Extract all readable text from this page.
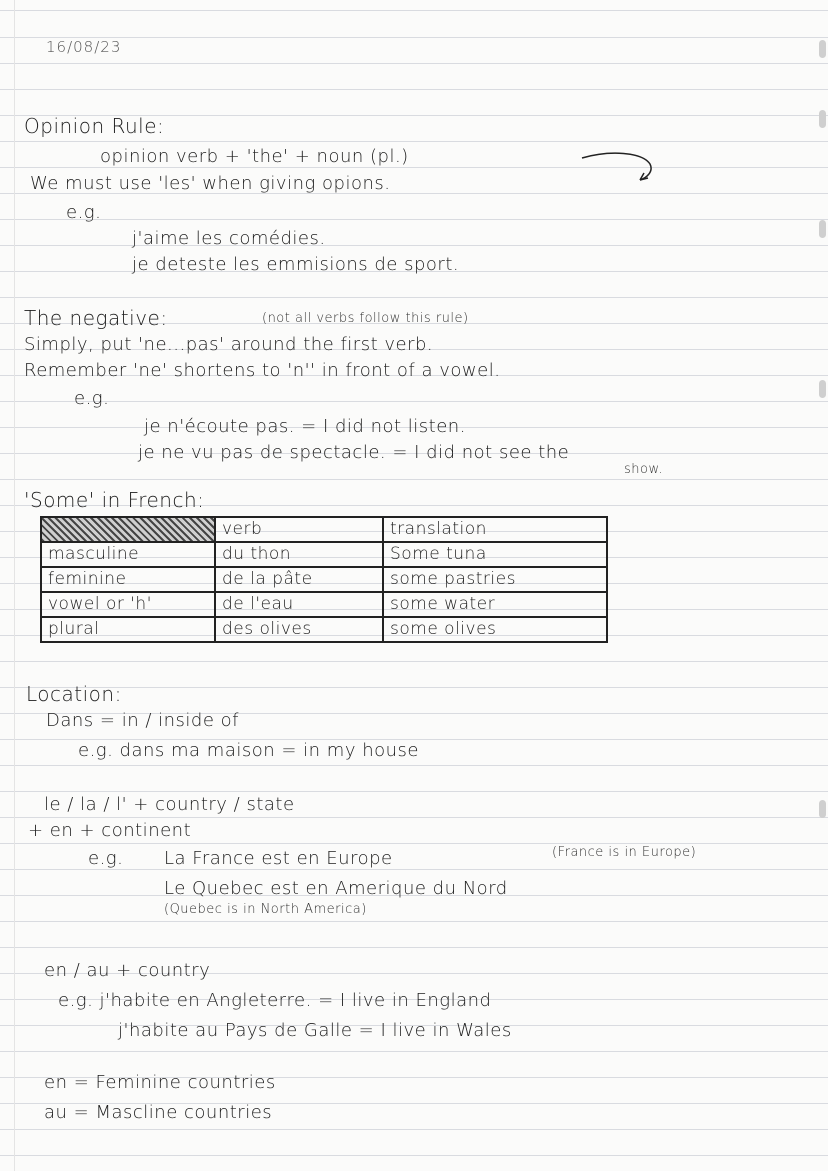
16/08/23
Opinion Rule:
opinion verb + 'the' + noun (pl.)
We must use 'les' when giving opions.
e.g.
j'aime les comédies.
je deteste les emmisions de sport.
The negative:	(not all verbs follow this rule)
Simply, put 'ne...pas' around the first verb.
Remember 'ne' shortens to 'n'' in front of a vowel.
e.g.
je n'écoute pas. = I did not listen.
je ne vu pas de spectacle. = I did not see the
show.
'Some' in French:
	verb	translation
masculine	du thon	Some tuna
feminine	de la pâte	some pastries
vowel or 'h'	de l'eau	some water
plural	des olives	some olives
Location:
Dans = in / inside of
e.g. dans ma maison = in my house
le / la / l' + country / state
+ en + continent
e.g. La France est en Europe	(France is in Europe)
Le Quebec est en Amerique du Nord
(Quebec is in North America)
en / au + country
e.g. j'habite en Angleterre. = I live in England
j'habite au Pays de Galle = I live in Wales
en = Feminine countries
au = Mascline countries
